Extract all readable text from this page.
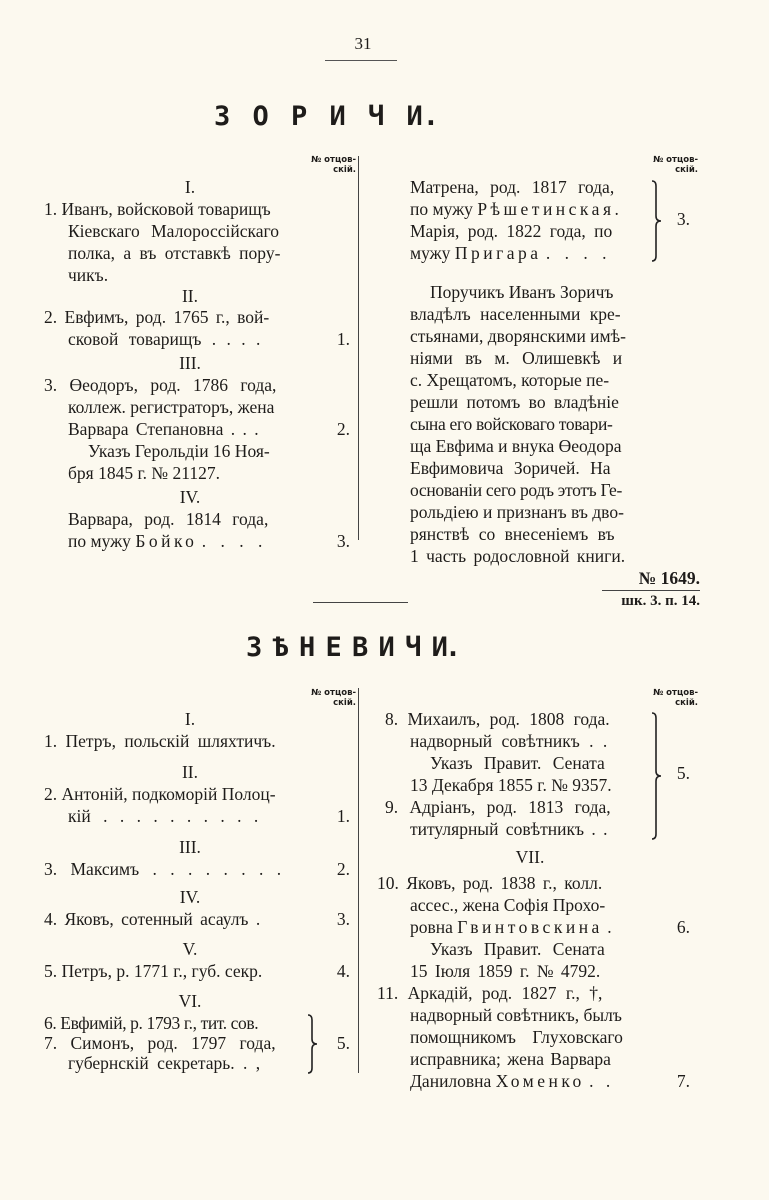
31
З О Р И Ч И.
№ отцов-
скій.
№ отцов-
скій.
I.
1. Иванъ, войсковой товарищъ
Кіевскаго Малороссійскаго
полка, а въ отставкѣ пору-
чикъ.
II.
2. Евфимъ, род. 1765 г., вой-
сковой товарищъ . . . .	1.
III.
3. Өеодоръ, род. 1786 года,
коллеж. регистраторъ, жена
Варвара Степановна . . .	2.
Указъ Герольдіи 16 Ноя-
бря 1845 г. № 21127.
IV.
Варвара, род. 1814 года,
по мужу Бойко . . . .	3.
Матрена, род. 1817 года,
по мужу Рѣшетинская.
Марія, род. 1822 года, по
мужу Пригара . . . .
3.
Поручикъ Иванъ Зоричъ
владѣлъ населенными кре-
стьянами, дворянскими имѣ-
ніями въ м. Олишевкѣ и
с. Хрещатомъ, которые пе-
решли потомъ во владѣніе
сына его войсковаго товари-
ща Евфима и внука Өеодора
Евфимовича Зоричей. На
основаніи сего родъ этотъ Ге-
рольдіею и признанъ въ дво-
рянствѣ со внесеніемъ въ
1 часть родословной книги.
№ 1649.
шк. 3. п. 14.
З Ѣ Н Е В И Ч И.
№ отцов-
скій.
№ отцов-
скій.
I.
1. Петръ, польскій шляхтичъ.
II.
2. Антоній, подкоморій Полоц-
кій . . . . . . . . . .	1.
III.
3. Максимъ . . . . . . . .	2.
IV.
4. Яковъ, сотенный асаулъ .	3.
V.
5. Петръ, р. 1771 г., губ. секр.	4.
VI.
6. Евфимій, р. 1793 г., тит. сов.
7. Симонъ, род. 1797 года,
губернскій секретарь. . ,
5.
8. Михаилъ, род. 1808 года.
надворный совѣтникъ . .
Указъ Правит. Сената
13 Декабря 1855 г. № 9357.
9. Адріанъ, род. 1813 года,
титулярный совѣтникъ . .
5.
VII.
10. Яковъ, род. 1838 г., колл.
ассес., жена Софія Прохо-
ровна Гвинтовскина .	6.
Указъ Правит. Сената
15 Іюля 1859 г. № 4792.
11. Аркадій, род. 1827 г., †,
надворный совѣтникъ, былъ
помощникомъ Глуховскаго
исправника; жена Варвара
Даниловна Хоменко . .	7.
